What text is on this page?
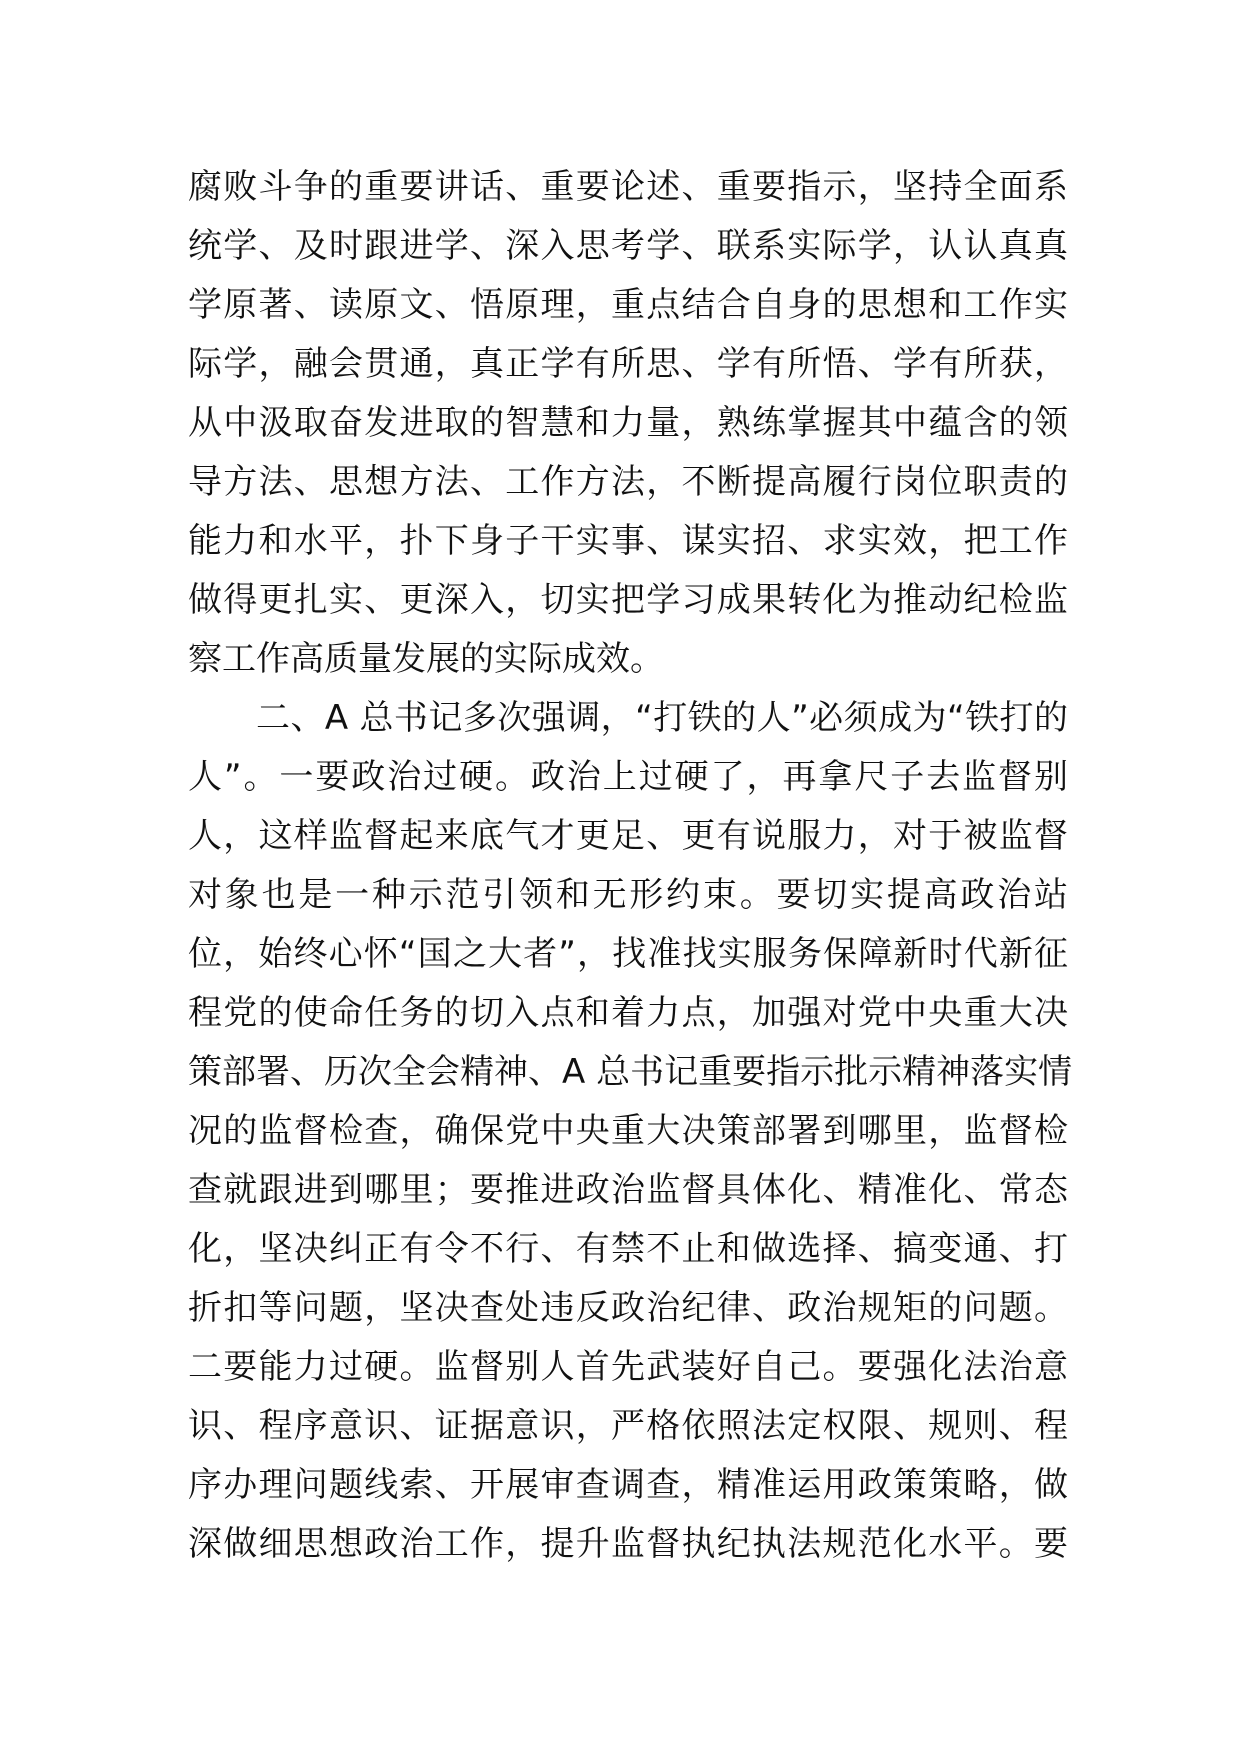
腐败斗争的重要讲话、重要论述、重要指示，坚持全面系
统学、及时跟进学、深入思考学、联系实际学，认认真真
学原著、读原文、悟原理，重点结合自身的思想和工作实
际学，融会贯通，真正学有所思、学有所悟、学有所获，
从中汲取奋发进取的智慧和力量，熟练掌握其中蕴含的领
导方法、思想方法、工作方法，不断提高履行岗位职责的
能力和水平，扑下身子干实事、谋实招、求实效，把工作
做得更扎实、更深入，切实把学习成果转化为推动纪检监
察工作高质量发展的实际成效。
二、A 总书记多次强调，“打铁的人”必须成为“铁打的
人”。一要政治过硬。政治上过硬了，再拿尺子去监督别
人，这样监督起来底气才更足、更有说服力，对于被监督
对象也是一种示范引领和无形约束。要切实提高政治站
位，始终心怀“国之大者”，找准找实服务保障新时代新征
程党的使命任务的切入点和着力点，加强对党中央重大决
策部署、历次全会精神、A 总书记重要指示批示精神落实情
况的监督检查，确保党中央重大决策部署到哪里，监督检
查就跟进到哪里；要推进政治监督具体化、精准化、常态
化，坚决纠正有令不行、有禁不止和做选择、搞变通、打
折扣等问题，坚决查处违反政治纪律、政治规矩的问题。
二要能力过硬。监督别人首先武装好自己。要强化法治意
识、程序意识、证据意识，严格依照法定权限、规则、程
序办理问题线索、开展审查调查，精准运用政策策略，做
深做细思想政治工作，提升监督执纪执法规范化水平。要
